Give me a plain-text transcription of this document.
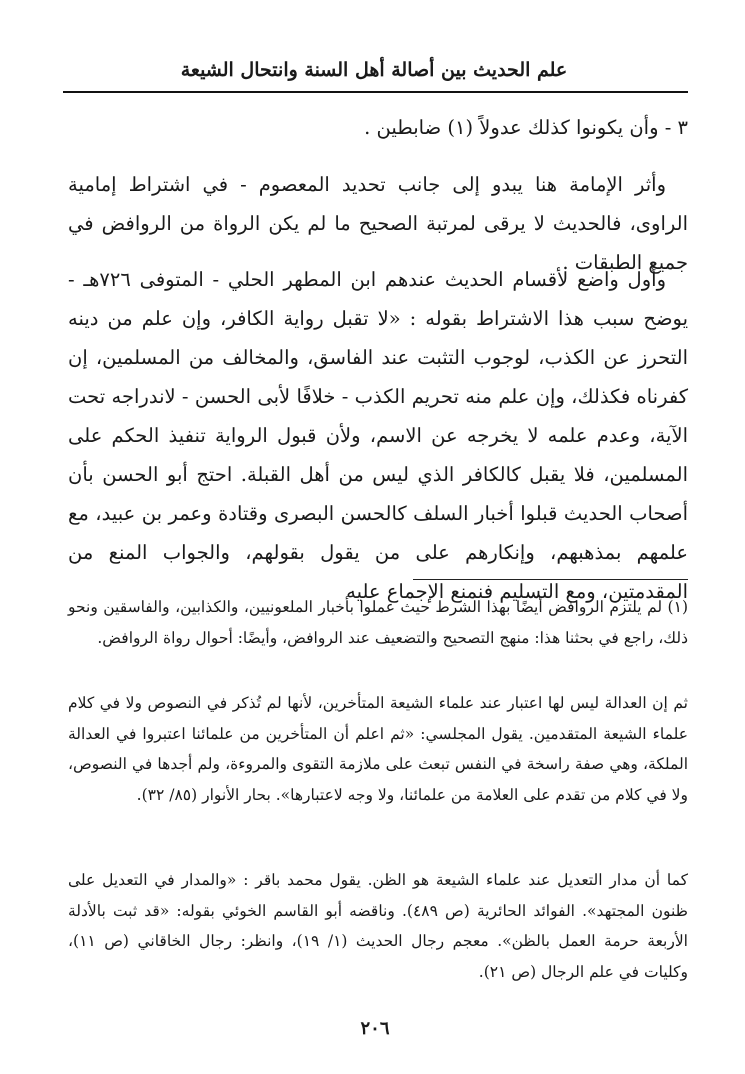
علم الحديث بين أصالة أهل السنة وانتحال الشيعة

٣ - وأن يكونوا كذلك عدولاً (١) ضابطين .

وأثر الإمامة هنا يبدو إلى جانب تحديد المعصوم - في اشتراط إمامية الراوى، فالحديث لا يرقى لمرتبة الصحيح ما لم يكن الرواة من الروافض في جميع الطبقات .

وأول واضع لأقسام الحديث عندهم ابن المطهر الحلي - المتوفى ٧٢٦هـ - يوضح سبب هذا الاشتراط بقوله : «لا تقبل رواية الكافر، وإن علم من دينه التحرز عن الكذب، لوجوب التثبت عند الفاسق، والمخالف من المسلمين، إن كفرناه فكذلك، وإن علم منه تحريم الكذب - خلافًا لأبى الحسن - لاندراجه تحت الآية، وعدم علمه لا يخرجه عن الاسم، ولأن قبول الرواية تنفيذ الحكم على المسلمين، فلا يقبل كالكافر الذي ليس من أهل القبلة. احتج أبو الحسن بأن أصحاب الحديث قبلوا أخبار السلف كالحسن البصرى وقتادة وعمر بن عبيد، مع علمهم بمذهبهم، وإنكارهم على من يقول بقولهم، والجواب المنع من المقدمتين، ومع التسليم فنمنع الإجماع عليه

(١) لم يلتزم الروافض أيضًا بهذا الشرط حيث عملوا بأخبار الملعونيين، والكذابين، والفاسقين ونحو ذلك، راجع في بحثنا هذا: منهج التصحيح والتضعيف عند الروافض، وأيضًا: أحوال رواة الروافض.

ثم إن العدالة ليس لها اعتبار عند علماء الشيعة المتأخرين، لأنها لم تُذكر في النصوص ولا في كلام علماء الشيعة المتقدمين. يقول المجلسي: «ثم اعلم أن المتأخرين من علمائنا اعتبروا في العدالة الملكة، وهي صفة راسخة في النفس تبعث على ملازمة التقوى والمروءة، ولم أجدها في النصوص، ولا في كلام من تقدم على العلامة من علمائنا، ولا وجه لاعتبارها». بحار الأنوار (٨٥/ ٣٢).

كما أن مدار التعديل عند علماء الشيعة هو الظن. يقول محمد باقر : «والمدار في التعديل على ظنون المجتهد». الفوائد الحائرية (ص ٤٨٩). وناقضه أبو القاسم الخوئي بقوله: «قد ثبت بالأدلة الأربعة حرمة العمل بالظن». معجم رجال الحديث (١/ ١٩)، وانظر: رجال الخاقاني (ص ١١)، وكليات في علم الرجال (ص ٢١).

٢٠٦
